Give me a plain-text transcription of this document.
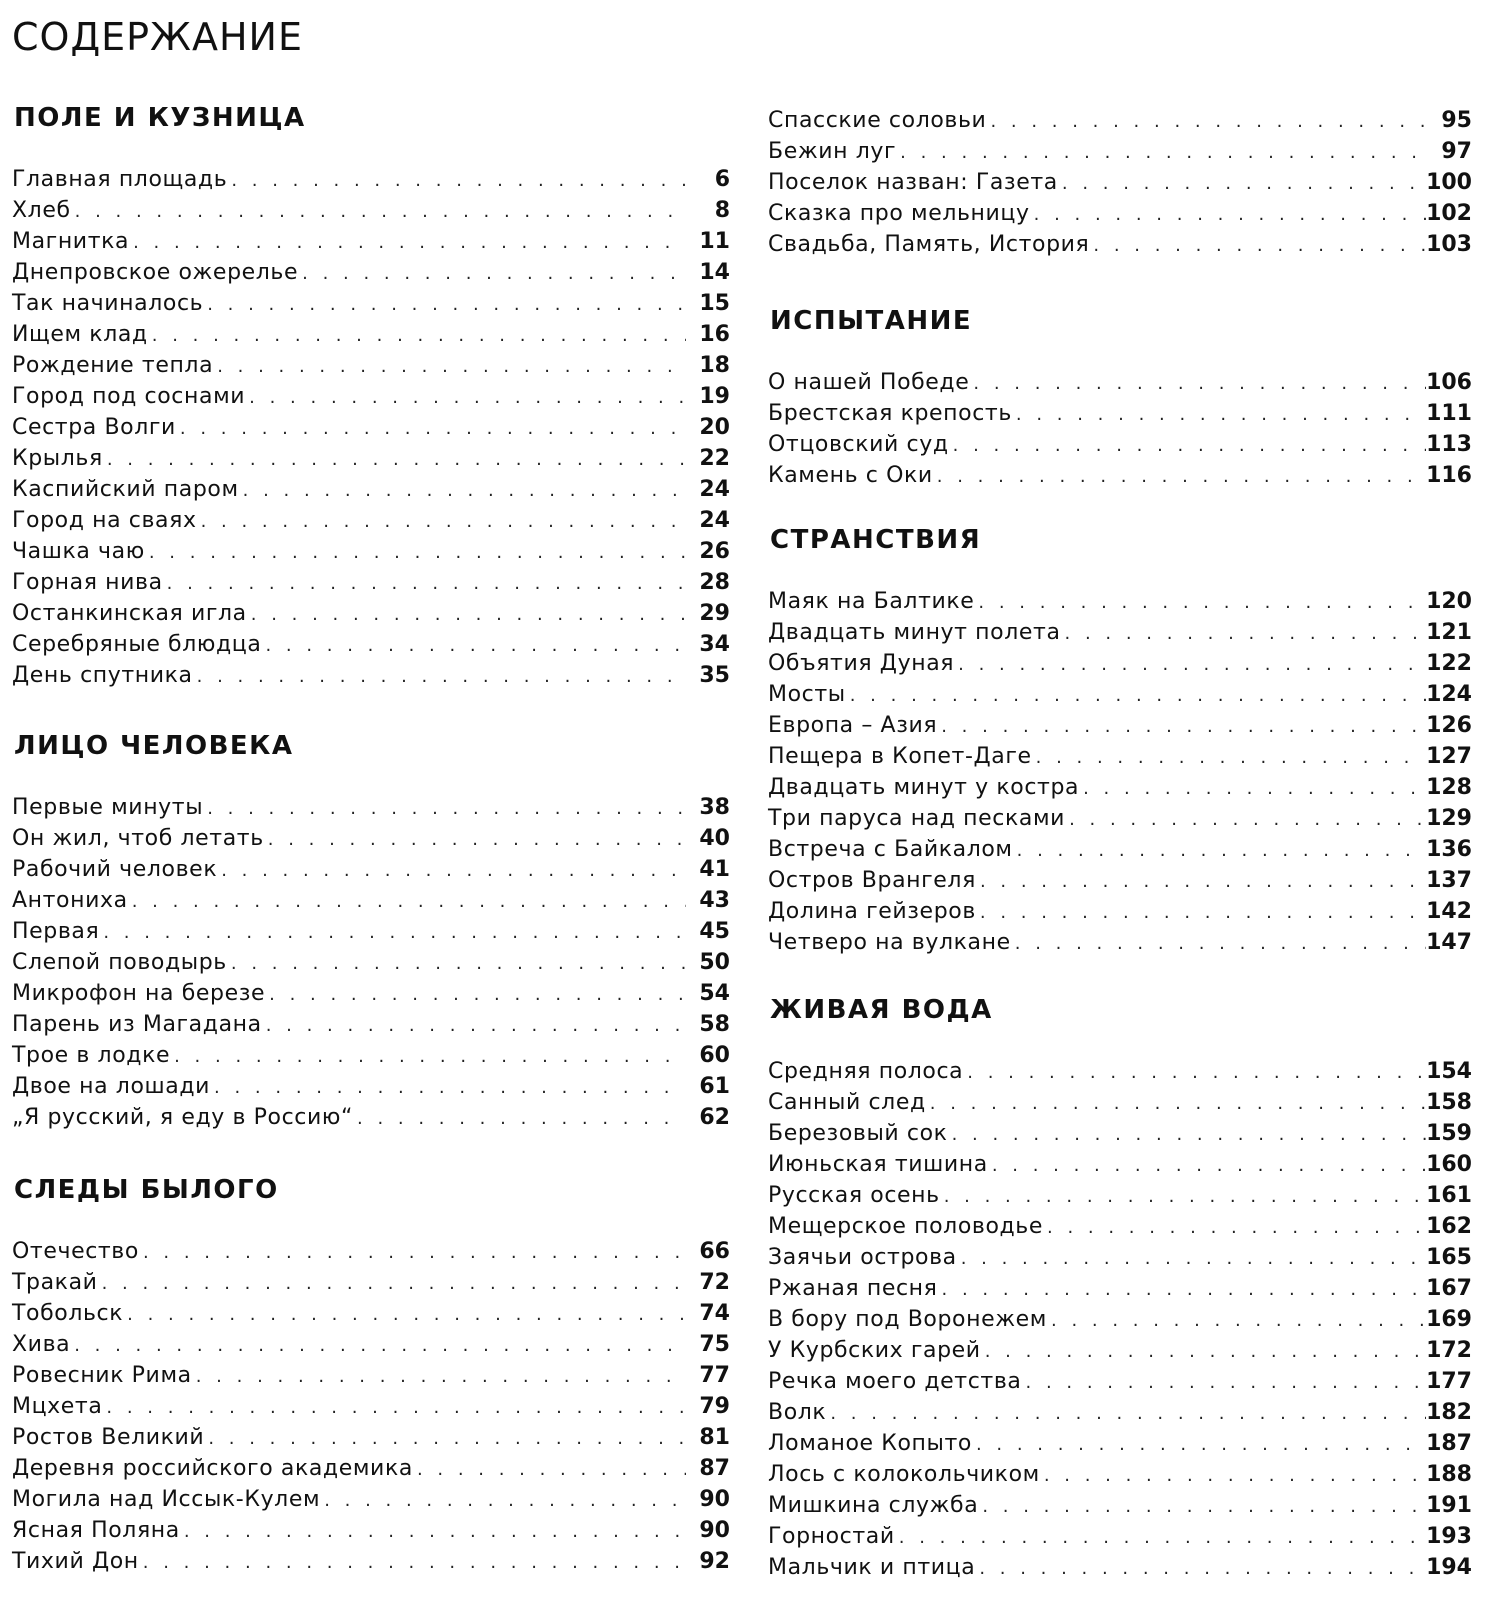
СОДЕРЖАНИЕ
ПОЛЕ И КУЗНИЦА
Главная площадь . . .	6
Хлеб . . .	8
Магнитка . . .	11
Днепровское ожерелье . . .	14
Так начиналось . . .	15
Ищем клад . . .	16
Рождение тепла . . .	18
Город под соснами . . .	19
Сестра Волги . . .	20
Крылья . . .	22
Каспийский паром . . .	24
Город на сваях . . .	24
Чашка чаю . . .	26
Горная нива . . .	28
Останкинская игла . . .	29
Серебряные блюдца . . .	34
День спутника . . .	35
ЛИЦО ЧЕЛОВЕКА
Первые минуты . . .	38
Он жил, чтоб летать . . .	40
Рабочий человек . . .	41
Антониха . . .	43
Первая . . .	45
Слепой поводырь . . .	50
Микрофон на березе . . .	54
Парень из Магадана . . .	58
Трое в лодке . . .	60
Двое на лошади . . .	61
„Я русский, я еду в Россию“ . . .	62
СЛЕДЫ БЫЛОГО
Отечество . . .	66
Тракай . . .	72
Тобольск . . .	74
Хива . . .	75
Ровесник Рима . . .	77
Мцхета . . .	79
Ростов Великий . . .	81
Деревня российского академика . . .	87
Могила над Иссык-Кулем . . .	90
Ясная Поляна . . .	90
Тихий Дон . . .	92
Спасские соловьи . . .	95
Бежин луг . . .	97
Поселок назван: Газета . . .	100
Сказка про мельницу . . .	102
Свадьба, Память, История . . .	103
ИСПЫТАНИЕ
О нашей Победе . . .	106
Брестская крепость . . .	111
Отцовский суд . . .	113
Камень с Оки . . .	116
СТРАНСТВИЯ
Маяк на Балтике . . .	120
Двадцать минут полета . . .	121
Объятия Дуная . . .	122
Мосты . . .	124
Европа – Азия . . .	126
Пещера в Копет-Даге . . .	127
Двадцать минут у костра . . .	128
Три паруса над песками . . .	129
Встреча с Байкалом . . .	136
Остров Врангеля . . .	137
Долина гейзеров . . .	142
Четверо на вулкане . . .	147
ЖИВАЯ ВОДА
Средняя полоса . . .	154
Санный след . . .	158
Березовый сок . . .	159
Июньская тишина . . .	160
Русская осень . . .	161
Мещерское половодье . . .	162
Заячьи острова . . .	165
Ржаная песня . . .	167
В бору под Воронежем . . .	169
У Курбских гарей . . .	172
Речка моего детства . . .	177
Волк . . .	182
Ломаное Копыто . . .	187
Лось с колокольчиком . . .	188
Мишкина служба . . .	191
Горностай . . .	193
Мальчик и птица . . .	194
